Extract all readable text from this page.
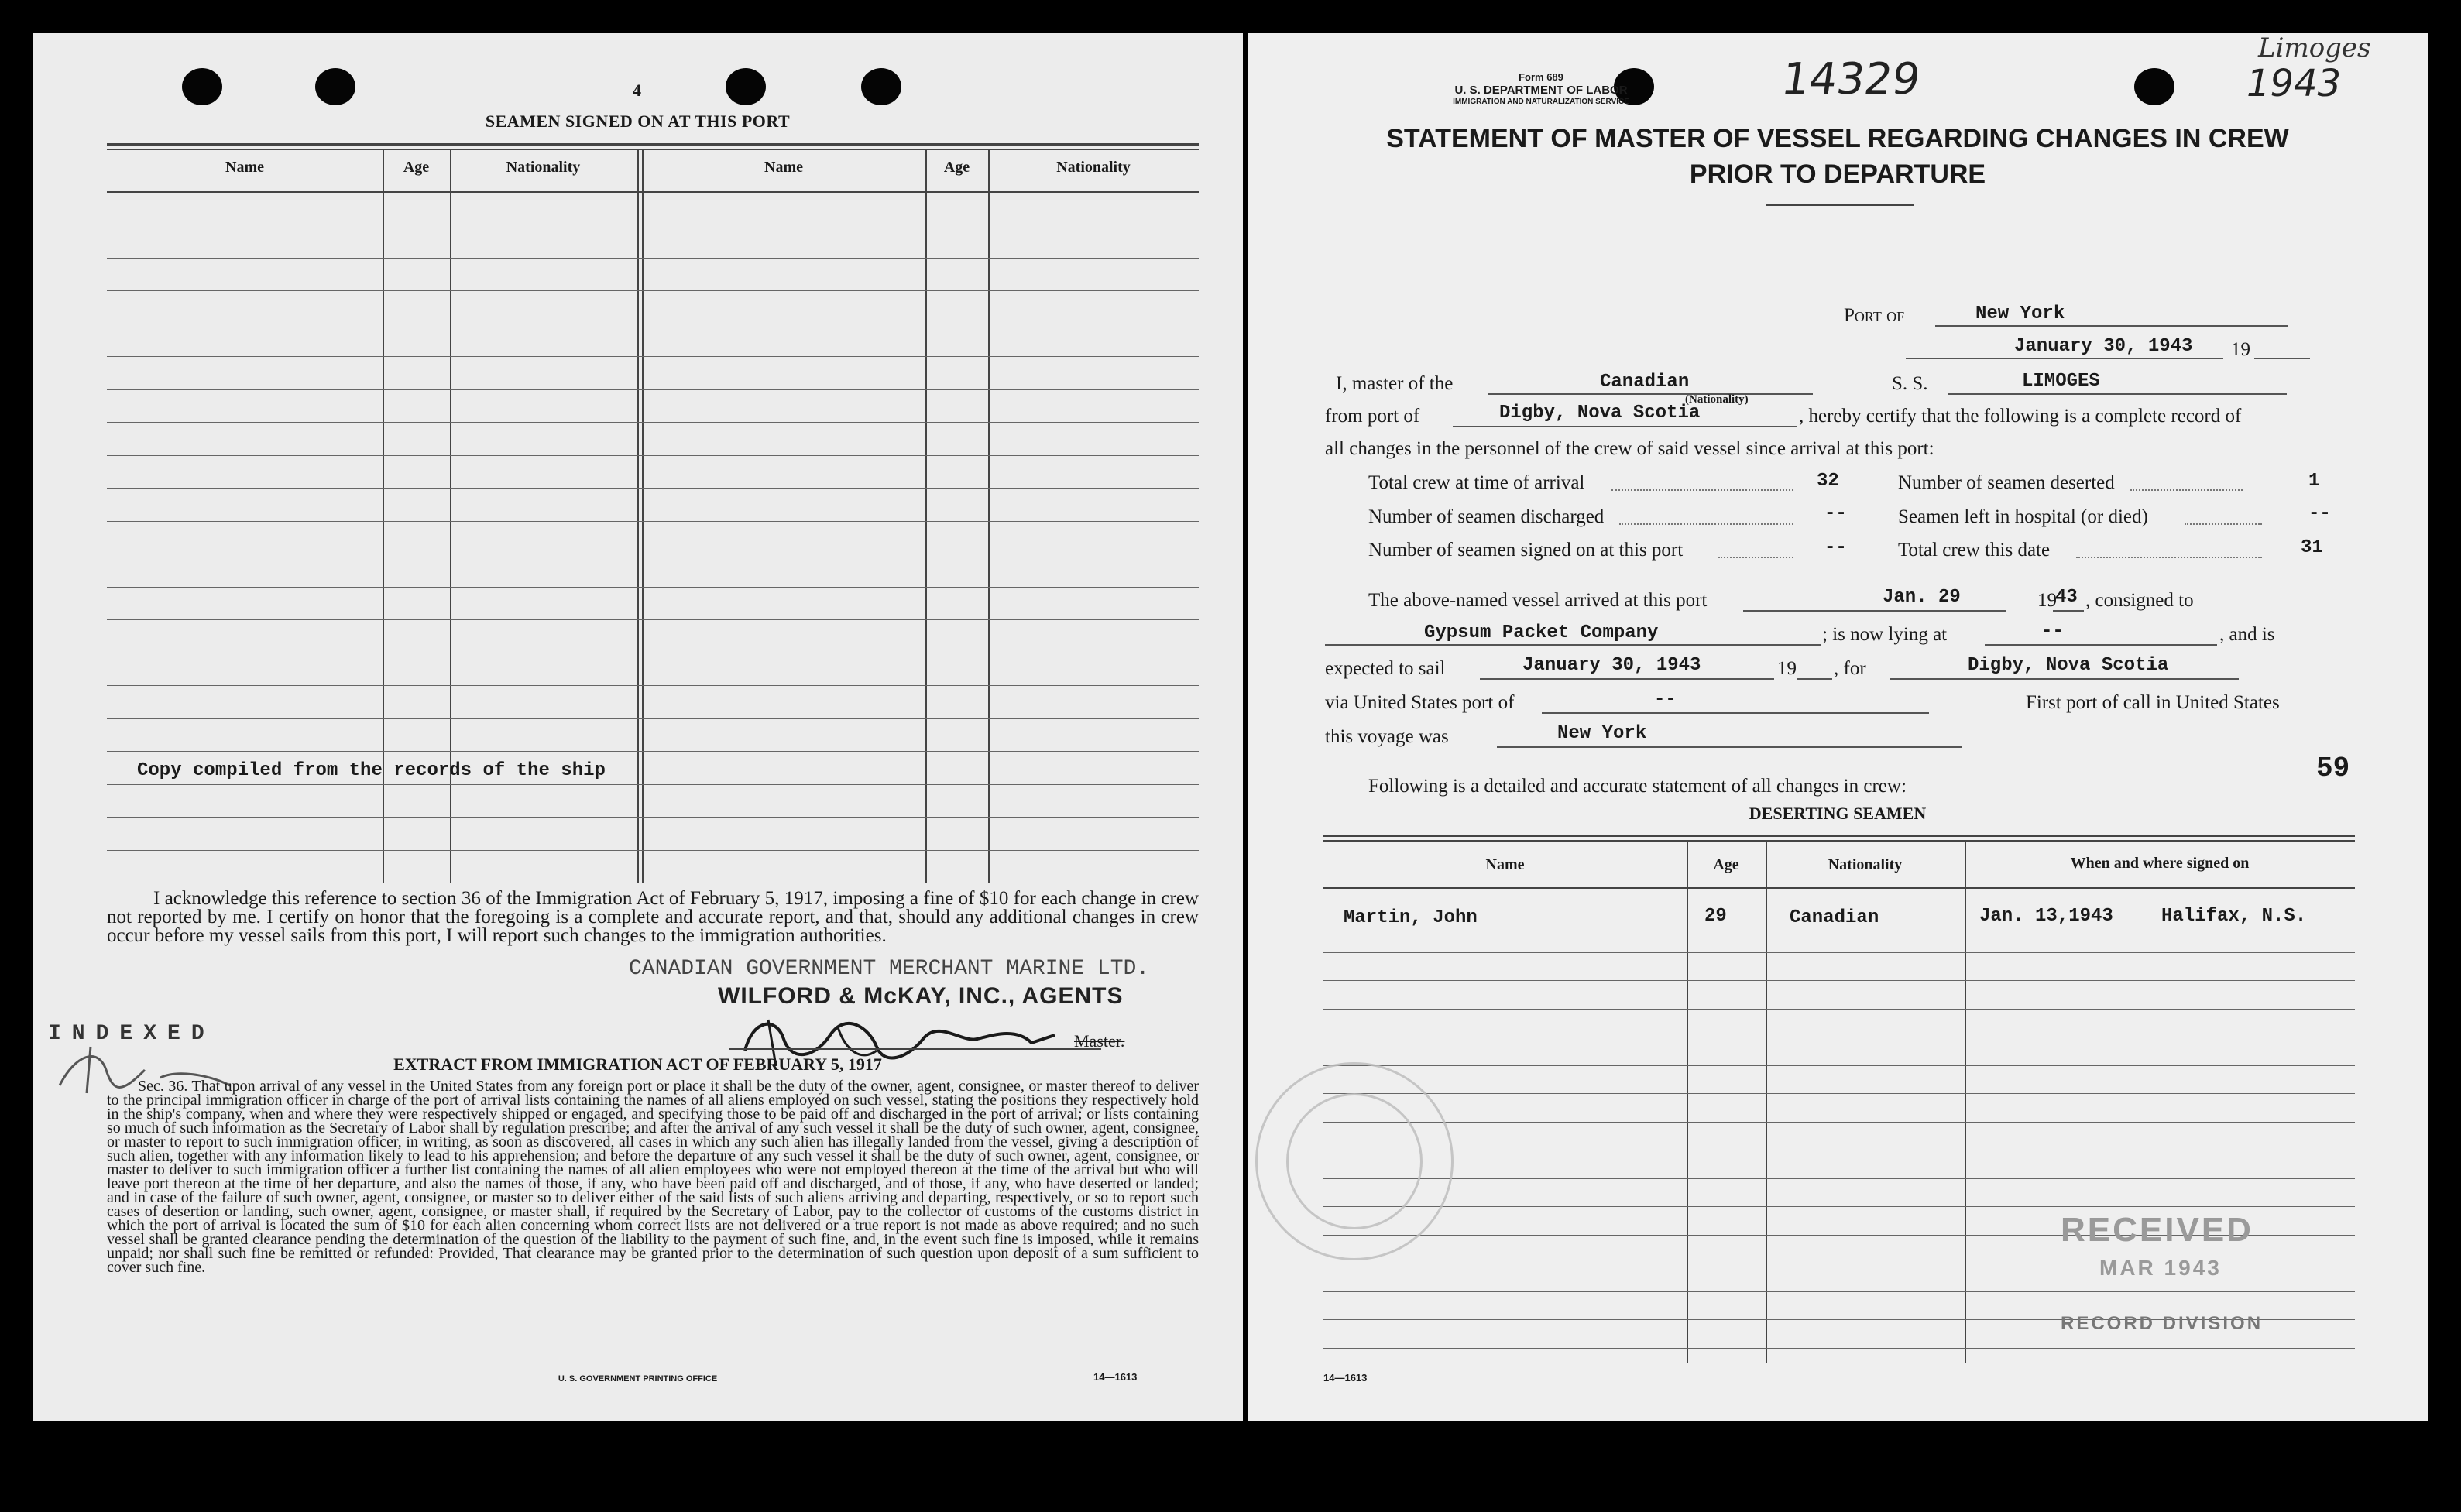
4
SEAMEN SIGNED ON AT THIS PORT
Name	Age	Nationality	Name	Age	Nationality
Copy compiled from the records of the ship
I acknowledge this reference to section 36 of the Immigration Act of February 5, 1917, imposing a fine of $10 for each change in crew not reported by me. I certify on honor that the foregoing is a complete and accurate report, and that, should any additional changes in crew occur before my vessel sails from this port, I will report such changes to the immigration authorities.
CANADIAN GOVERNMENT MERCHANT MARINE LTD.
WILFORD & McKAY, INC., AGENTS
Master.
INDEXED
EXTRACT FROM IMMIGRATION ACT OF FEBRUARY 5, 1917
Sec. 36. That upon arrival of any vessel in the United States from any foreign port or place it shall be the duty of the owner, agent, consignee, or master thereof to deliver to the principal immigration officer in charge of the port of arrival lists containing the names of all aliens employed on such vessel, stating the positions they respectively hold in the ship's company, when and where they were respectively shipped or engaged, and specifying those to be paid off and discharged in the port of arrival; or lists containing so much of such information as the Secretary of Labor shall by regulation prescribe; and after the arrival of any such vessel it shall be the duty of such owner, agent, consignee, or master to report to such immigration officer, in writing, as soon as discovered, all cases in which any such alien has illegally landed from the vessel, giving a description of such alien, together with any information likely to lead to his apprehension; and before the departure of any such vessel it shall be the duty of such owner, agent, consignee, or master to deliver to such immigration officer a further list containing the names of all alien employees who were not employed thereon at the time of the arrival but who will leave port thereon at the time of her departure, and also the names of those, if any, who have been paid off and discharged, and of those, if any, who have deserted or landed; and in case of the failure of such owner, agent, consignee, or master so to deliver either of the said lists of such aliens arriving and departing, respectively, or so to report such cases of desertion or landing, such owner, agent, consignee, or master shall, if required by the Secretary of Labor, pay to the collector of customs of the customs district in which the port of arrival is located the sum of $10 for each alien concerning whom correct lists are not delivered or a true report is not made as above required; and no such vessel shall be granted clearance pending the determination of the question of the liability to the payment of such fine, and, in the event such fine is imposed, while it remains unpaid; nor shall such fine be remitted or refunded: Provided, That clearance may be granted prior to the determination of such question upon deposit of a sum sufficient to cover such fine.
U. S. GOVERNMENT PRINTING OFFICE	14—1613
Form 689
U. S. DEPARTMENT OF LABOR
IMMIGRATION AND NATURALIZATION SERVICE	14329
Limoges
1943
STATEMENT OF MASTER OF VESSEL REGARDING CHANGES IN CREW
PRIOR TO DEPARTURE
Port of	New York
January 30, 1943 19
I, master of the	Canadian
(Nationality)
S. S.	LIMOGES
from port of	Digby, Nova Scotia	, hereby certify that the following is a complete record of
all changes in the personnel of the crew of said vessel since arrival at this port:
Total crew at time of arrival	32
Number of seamen discharged	--
Number of seamen signed on at this port	--
Number of seamen deserted	1
Seamen left in hospital (or died)	--
Total crew this date	31
The above-named vessel arrived at this port	Jan. 29	19
43 , consigned to
Gypsum Packet Company	; is now lying at	--	, and is
expected to sail	January 30, 1943	19 , for	Digby, Nova Scotia
via United States port of	--	First port of call in United States
this voyage was	New York
59
Following is a detailed and accurate statement of all changes in crew:
DESERTING SEAMEN
Name	Age	Nationality	When and where signed on
Martin, John	29	Canadian	Jan. 13,1943	Halifax, N.S.
RECEIVED
MAR 1943
RECORD DIVISION
14—1613
